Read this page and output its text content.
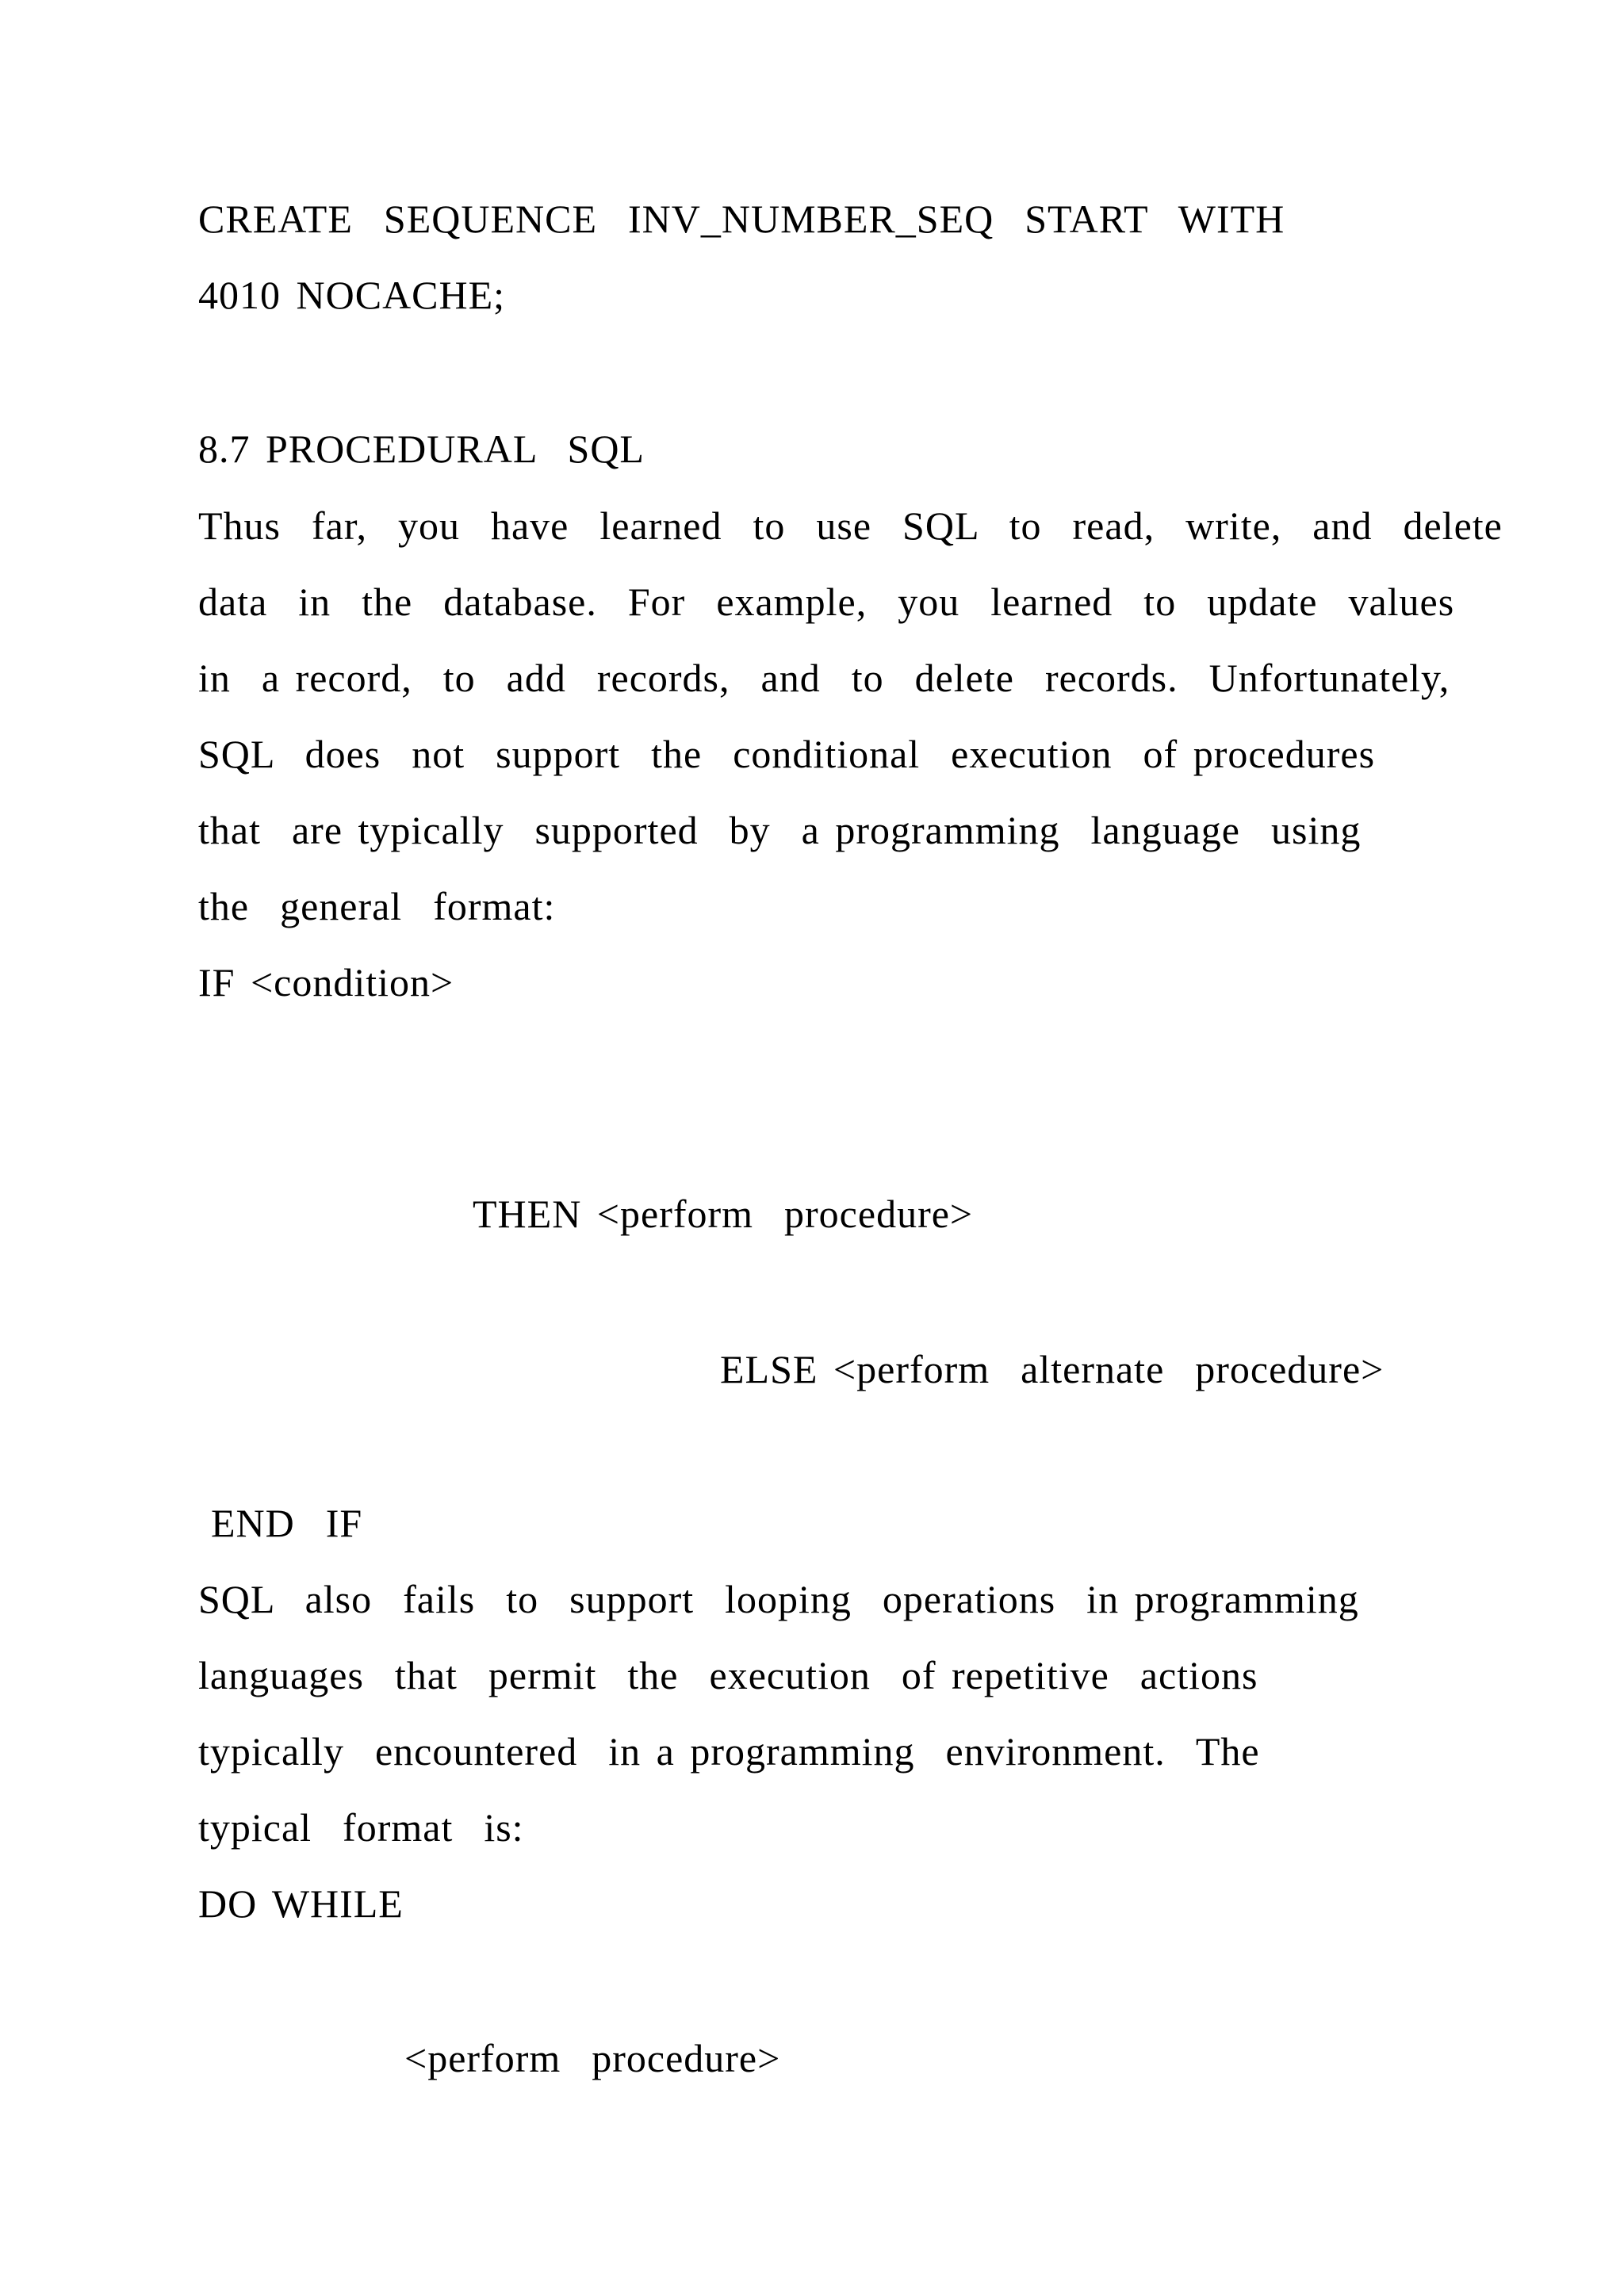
CREATE  SEQUENCE  INV_NUMBER_SEQ  START  WITH

4010 NOCACHE;

8.7 PROCEDURAL  SQL

Thus  far,  you  have  learned  to  use  SQL  to  read,  write,  and  delete

data  in  the  database.  For  example,  you  learned  to  update  values

in  a record,  to  add  records,  and  to  delete  records.  Unfortunately,

SQL  does  not  support  the  conditional  execution  of procedures

that  are typically  supported  by  a programming  language  using

the  general  format:

IF <condition>

THEN <perform  procedure>

ELSE <perform  alternate  procedure>

END  IF

SQL  also  fails  to  support  looping  operations  in programming

languages  that  permit  the  execution  of repetitive  actions

typically  encountered  in a programming  environment.  The

typical  format  is:

DO WHILE

<perform  procedure>
